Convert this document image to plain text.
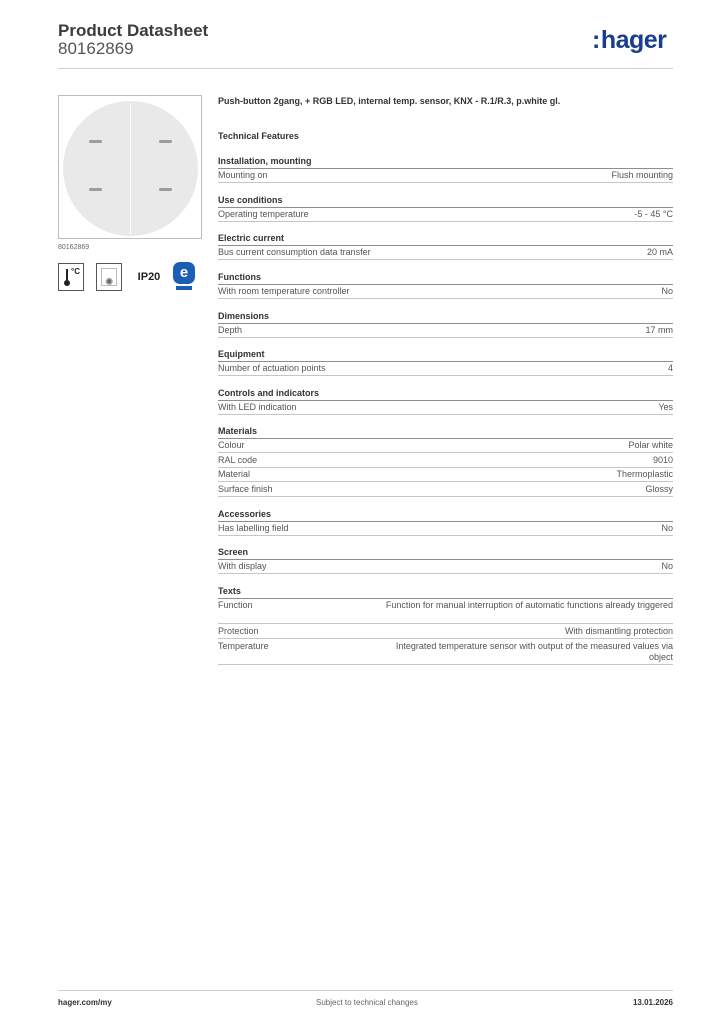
Product Datasheet
80162869	:hager
80162869
°C
✺ IP20	e
Push-button 2gang, + RGB LED, internal temp. sensor, KNX - R.1/R.3, p.white gl.
Technical Features
Installation, mounting
Mounting on	Flush mounting
Use conditions
Operating temperature	-5 - 45 °C
Electric current
Bus current consumption data transfer	20 mA
Functions
With room temperature controller	No
Dimensions
Depth	17 mm
Equipment
Number of actuation points	4
Controls and indicators
With LED indication	Yes
Materials
Colour	Polar white
RAL code	9010
Material	Thermoplastic
Surface finish	Glossy
Accessories
Has labelling field	No
Screen
With display	No
Texts
Function	Function for manual interruption of automatic functions already triggered
Protection	With dismantling protection
Temperature	Integrated temperature sensor with output of the measured values via object
hager.com/my	Subject to technical changes	13.01.2026
